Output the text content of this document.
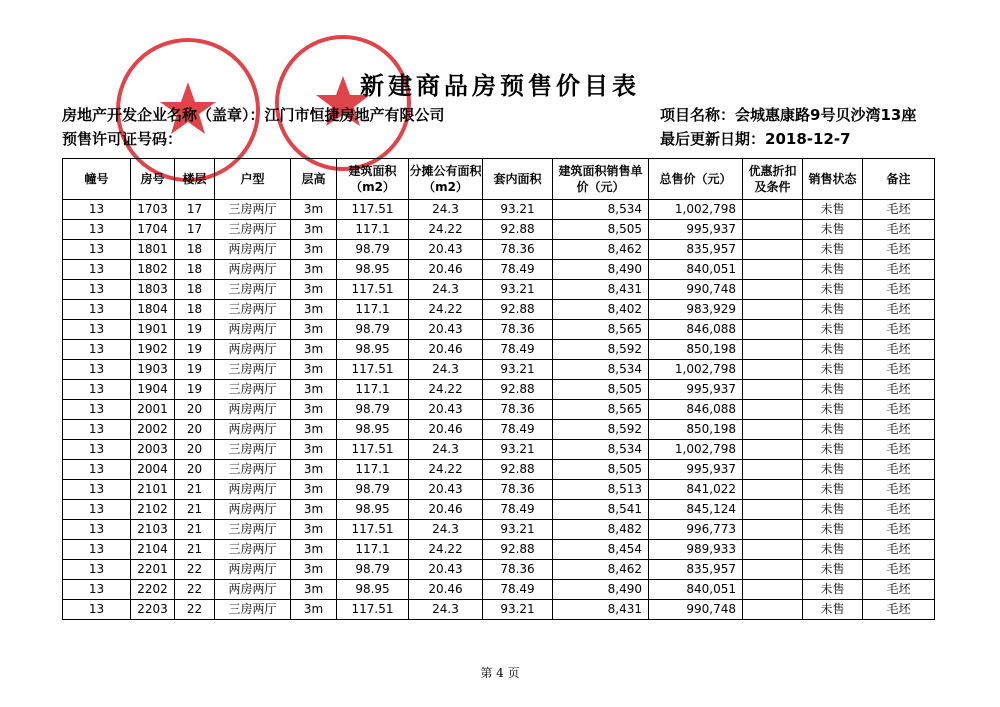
新建商品房预售价目表
房地产开发企业名称（盖章）：江门市恒捷房地产有限公司
预售许可证号码：
项目名称：会城惠康路9号贝沙湾13座
最后更新日期：2018-12-7
幢号	房号	楼层	户型	层高	建筑面积（m2）	分摊公有面积（m2）	套内面积	建筑面积销售单价（元）	总售价（元）	优惠折扣及条件	销售状态	备注
13	1703	17	三房两厅	3m	117.51	24.3	93.21	8,534	1,002,798		未售	毛坯
13	1704	17	三房两厅	3m	117.1	24.22	92.88	8,505	995,937		未售	毛坯
13	1801	18	两房两厅	3m	98.79	20.43	78.36	8,462	835,957		未售	毛坯
13	1802	18	两房两厅	3m	98.95	20.46	78.49	8,490	840,051		未售	毛坯
13	1803	18	三房两厅	3m	117.51	24.3	93.21	8,431	990,748		未售	毛坯
13	1804	18	三房两厅	3m	117.1	24.22	92.88	8,402	983,929		未售	毛坯
13	1901	19	两房两厅	3m	98.79	20.43	78.36	8,565	846,088		未售	毛坯
13	1902	19	两房两厅	3m	98.95	20.46	78.49	8,592	850,198		未售	毛坯
13	1903	19	三房两厅	3m	117.51	24.3	93.21	8,534	1,002,798		未售	毛坯
13	1904	19	三房两厅	3m	117.1	24.22	92.88	8,505	995,937		未售	毛坯
13	2001	20	两房两厅	3m	98.79	20.43	78.36	8,565	846,088		未售	毛坯
13	2002	20	两房两厅	3m	98.95	20.46	78.49	8,592	850,198		未售	毛坯
13	2003	20	三房两厅	3m	117.51	24.3	93.21	8,534	1,002,798		未售	毛坯
13	2004	20	三房两厅	3m	117.1	24.22	92.88	8,505	995,937		未售	毛坯
13	2101	21	两房两厅	3m	98.79	20.43	78.36	8,513	841,022		未售	毛坯
13	2102	21	两房两厅	3m	98.95	20.46	78.49	8,541	845,124		未售	毛坯
13	2103	21	三房两厅	3m	117.51	24.3	93.21	8,482	996,773		未售	毛坯
13	2104	21	三房两厅	3m	117.1	24.22	92.88	8,454	989,933		未售	毛坯
13	2201	22	两房两厅	3m	98.79	20.43	78.36	8,462	835,957		未售	毛坯
13	2202	22	两房两厅	3m	98.95	20.46	78.49	8,490	840,051		未售	毛坯
13	2203	22	三房两厅	3m	117.51	24.3	93.21	8,431	990,748		未售	毛坯
第 4 页
